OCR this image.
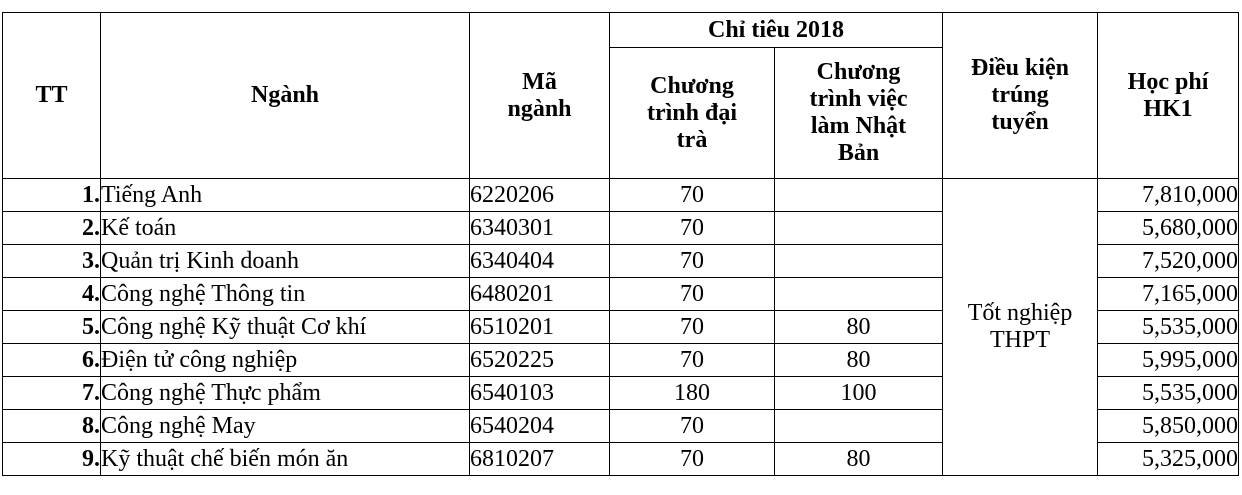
TT	Ngành	Mã ngành	Chỉ tiêu 2018		Điều kiện trúng tuyển	Học phí HK1
			Chương trình đại trà	Chương trình việc làm Nhật Bản		
1.	Tiếng Anh	6220206	70		Tốt nghiệp THPT	7,810,000
2.	Kế toán	6340301	70			5,680,000
3.	Quản trị Kinh doanh	6340404	70			7,520,000
4.	Công nghệ Thông tin	6480201	70			7,165,000
5.	Công nghệ Kỹ thuật Cơ khí	6510201	70	80		5,535,000
6.	Điện tử công nghiệp	6520225	70	80		5,995,000
7.	Công nghệ Thực phẩm	6540103	180	100		5,535,000
8.	Công nghệ May	6540204	70			5,850,000
9.	Kỹ thuật chế biến món ăn	6810207	70	80		5,325,000
